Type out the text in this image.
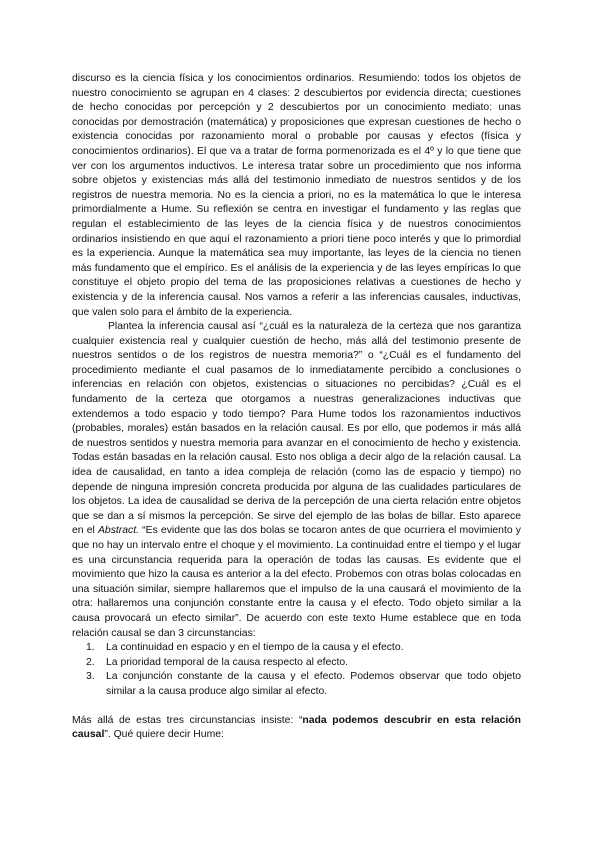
discurso es la ciencia física y los conocimientos ordinarios. Resumiendo: todos los objetos de nuestro conocimiento se agrupan en 4 clases: 2 descubiertos por evidencia directa; cuestiones de hecho conocidas por percepción y 2 descubiertos por un conocimiento mediato: unas conocidas por demostración (matemática) y proposiciones que expresan cuestiones de hecho o existencia conocidas por razonamiento moral o probable por causas y efectos (física y conocimientos ordinarios). El que va a tratar de forma pormenorizada es el 4º y lo que tiene que ver con los argumentos inductivos. Le interesa tratar sobre un procedimiento que nos informa sobre objetos y existencias más allá del testimonio inmediato de nuestros sentidos y de los registros de nuestra memoria. No es la ciencia a priori, no es la matemática lo que le interesa primordialmente a Hume. Su reflexión se centra en investigar el fundamento y las reglas que regulan el establecimiento de las leyes de la ciencia física y de nuestros conocimientos ordinarios insistiendo en que aquí el razonamiento a priori tiene poco interés y que lo primordial es la experiencia. Aunque la matemática sea muy importante, las leyes de la ciencia no tienen más fundamento que el empírico. Es el análisis de la experiencia y de las leyes empíricas lo que constituye el objeto propio del tema de las proposiciones relativas a cuestiones de hecho y existencia y de la inferencia causal. Nos vamos a referir a las inferencias causales, inductivas, que valen solo para el ámbito de la experiencia.

Plantea la inferencia causal así “¿cuál es la naturaleza de la certeza que nos garantiza cualquier existencia real y cualquier cuestión de hecho, más allá del testimonio presente de nuestros sentidos o de los registros de nuestra memoria?” o “¿Cuál es el fundamento del procedimiento mediante el cual pasamos de lo inmediatamente percibido a conclusiones o inferencias en relación con objetos, existencias o situaciones no percibidas? ¿Cuál es el fundamento de la certeza que otorgamos a nuestras generalizaciones inductivas que extendemos a todo espacio y todo tiempo? Para Hume todos los razonamientos inductivos (probables, morales) están basados en la relación causal. Es por ello, que podemos ir más allá de nuestros sentidos y nuestra memoria para avanzar en el conocimiento de hecho y existencia. Todas están basadas en la relación causal. Esto nos obliga a decir algo de la relación causal. La idea de causalidad, en tanto a idea compleja de relación (como las de espacio y tiempo) no depende de ninguna impresión concreta producida por alguna de las cualidades particulares de los objetos. La idea de causalidad se deriva de la percepción de una cierta relación entre objetos que se dan a sí mismos la percepción. Se sirve del ejemplo de las bolas de billar. Esto aparece en el Abstract. “Es evidente que las dos bolas se tocaron antes de que ocurriera el movimiento y que no hay un intervalo entre el choque y el movimiento. La continuidad entre el tiempo y el lugar es una circunstancia requerida para la operación de todas las causas. Es evidente que el movimiento que hizo la causa es anterior a la del efecto. Probemos con otras bolas colocadas en una situación similar, siempre hallaremos que el impulso de la una causará el movimiento de la otra: hallaremos una conjunción constante entre la causa y el efecto. Todo objeto similar a la causa provocará un efecto similar”. De acuerdo con este texto Hume establece que en toda relación causal se dan 3 circunstancias:

1. La continuidad en espacio y en el tiempo de la causa y el efecto.
2. La prioridad temporal de la causa respecto al efecto.
3. La conjunción constante de la causa y el efecto. Podemos observar que todo objeto similar a la causa produce algo similar al efecto.

Más allá de estas tres circunstancias insiste: “nada podemos descubrir en esta relación causal”. Qué quiere decir Hume:
